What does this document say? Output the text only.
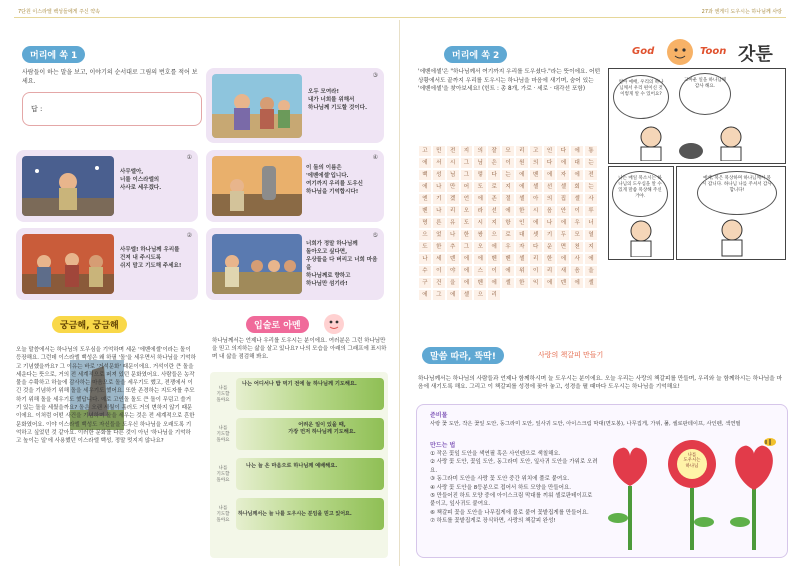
7단원 이스라엘 백성들에게 주신 약속	27과 엔게디 도우시는 하나님께 사랑
머리에 쏙 1
사람들이 하는 말을 보고, 이야기의 순서대로 그림의 번호를 적어 보세요.
답 :
③
오두 모여라!
내가 너희를 위해서
하나님께 기도할 것이다.
①
사무엘아,
너를 이스라엘의
사사로 세우겠다.
④
이 돌의 이름은
'에벤에셀'입니다.
여기까지 우리를 도우신
하나님을 기억합시다!
②
사무엘! 하나님께 우리를
건져 내 주시도록
쉬지 말고 기도해 주세요!
⑤
너희가 정말 하나님께
돌아오고 싶다면,
우상들을 다 버리고 너희 마음을
하나님께로 향하고
하나님만 섬기라!
궁금해, 궁금해
오늘 말씀에서는 하나님의 도우심을 기억하며 세운 '에벤에셀'이라는 돌이 등장해요. 그런데 이스라엘 백성은 왜 하필 '돌'을 세우면서 하나님을 기억하고 기념했을까요? 그 이유는 바로 '거석문화' 때문이에요. 거석이란 큰 돌을 세운다는 뜻으로, 거의 전 세계적으로 퍼져 있던 문화였어요. 사람들은 농작물을 수확하고 하늘에 감사하는 마음으로 돌을 세우기도 했고, 전쟁에서 이긴 것을 기념하기 위해 돌을 세우기도 했어요. 또한 존경하는 지도자를 추모하기 위해 돌을 세우기도 했답니다. 예로 고인돌 돌도 큰 돌이 무덤고 쓸거기 있는 돌을 세웠을까요? 돌은 오랜 세월이 흘러도 거의 변하지 않기 때문이에요. 이처럼 어떤 사건을 기념하며 돌을 세우는 것은 전 세계적으로 흔한 문화였어요. 이야 이스라엘 백성도 자신들을 도우신 하나님을 오래도록 기억하고 싶었던 것 같아요. 이러한 문화를 다른 것이 아닌 '하나님을 기억하고 높이는 일'에 사용했던 이스라엘 백성, 정말 멋지지 않나요?
입술로 아멘
하나님께서는 언제나 우리를 도우시는 분이에요. 여러분은 그런 하나님만을 믿고 의지하는 삶을 살고 있나요? 나의 모습을 아래의 그래프에 표시하며 내 삶을 점검해 봐요.
나를
기도할
돌아요
나는 어디서나 밥 먹기 전에 늘 하나님께 기도해요.
나를
기도할
돌아요
어려운 일이 있을 때,
가장 먼저 하나님께 기도해요.
나를
기도할
돌아요
나는 늘 온 마음으로 하나님께 예배해요.
나를
기도할
돌아요
하나님께서는 늘 나를 도우시는 분임을 믿고 있어요.
머리에 쏙 2
'에벤에셀'은 "하나님께서 여기까지 우리를 도우셨다."라는 뜻이에요. 어떤 상황에서도 끝까지 우리를 도우시는 하나님을 마음에 새기며, 숨어 있는 '에벤에셀'을 찾아보세요! (힌트 : 총 8개, 가로 · 세로 · 대각선 포함)
고	민	전	지	의	잘	모	리	고	인	다	에	통
에	서	시	그	님	은	이	원	의	다	에	대	는
백	성	님	그	렇	다	는	에	벤	에	자	에	전
에	나	만	어	도	로	지	에	셀	선	셀	회	는
엔	기	겠	언	에	존	절	셀	아	의	집	셀	사
벤	나	리	오	라	선	에	한	시	음	안	이	루
명	른	유	도	시	지	항	인	에	나	에	우	너
으	었	나	한	쌍	으	로	대	셋	기	두	모	열
도	한	추	그	오	에	우	자	다	운	면	천	지
나	세	덴	에	에	벤	벤	셀	리	한	에	사	에
수	이	야	에	스	이	에	위	이	리	새	음	을
구	건	을	에	벤	에	셀	한	익	에	덴	에	셀
에	그	에	셀	으	리
God	Toon 갓툰
엄마 예배, 우리의 하나님께서 우리 편이신 것 이렇게 알 수 있어요?
고마운 일을 하나님께 감사 해요.
나는 매일 묵소시는 하나님의 도우심을 알 수 있게 말씀 묵상해 주신 거야.
예배, 묵은 묵상하며 하나님께서 묵시 갑니다. 하나님 나를 주셔서 감사합니다!
말씀 따라, 뚝딱!	사랑의 책갈피 만들기
하나님께서는 하나님의 사람들과 언제나 함께하시며 늘 도우시는 분이에요. 오늘 우리는 사랑의 책갈피를 만들며, 우리와 늘 함께하시는 하나님을 마음에 새기도록 해요. 그리고 이 책갈피를 성경에 꽂아 놓고, 성경을 펼 때마다 도우시는 하나님을 기억해요!
준비물
사랑 꽃 도안, 작은 꽃잎 도안, 동그라미 도안, 잎사귀 도안, 아이스크림 막대(면도봉), 나무집게, 가위, 풀, 셀로판테이프, 사인펜, 색연필
만드는 법
① 작은 꽃잎 도안을 색연필 혹은 사인펜으로 색칠해요.
② 사랑 꽃 도안, 꽃잎 도안, 동그라미 도안, 잎사귀 도안을 가위로 오려요.
③ 동그라미 도안을 사랑 꽃 도안 중간 위치에 풀로 붙여요.
④ 사랑 꽃 도안을 8등분으로 접어서 하트 모양을 만들어요.
⑤ 만들어진 하트 모양 중에 아이스크림 막대를 끼워 셀로판테이프로 붙이고, 잎사귀도 붙여요.
⑥ 책갈피 꽃을 도안을 나무집게에 불로 붙여 꽃밭집게를 만들어요.
⑦ 하트를 꽃밭집게로 장식하면, 사랑의 책갈피 완성!
나를
도우시는
하나님
